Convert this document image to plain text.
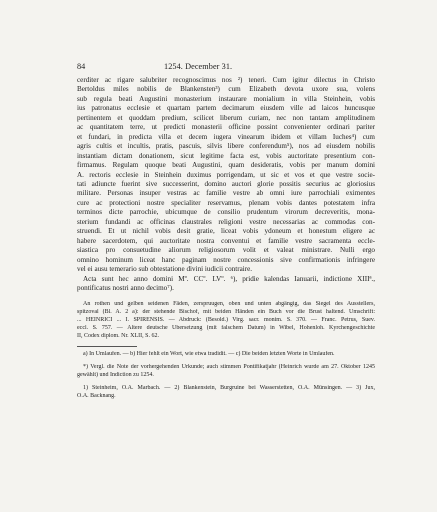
84	1254. December 31.

cerditer ac rigare salubriter recognoscimus nos ²) teneri. Cum igitur dilectus in Christo

Bertoldus miles nobilis de Blankensten³) cum Elizabeth devota uxore sua, volens

sub regula beati Augustini monasterium instaurare monialium in villa Steinhein, vobis

ius patronatus ecclesie et quartam partem decimarum eiusdem ville ad laicos huncusque

pertinentem et quoddam predium, scilicet liberum curiam, nec non tantam amplitudinem

ac quantitatem terre, ut predicti monasterii officine possint convenienter ordinari pariter

et fundari, in predicta villa et decem iugera vinearum ibidem et villam Iuches⁴) cum

agris cultis et incultis, pratis, pascuis, silvis libere conferendum⁵), nos ad eiusdem nobilis

instantiam dictam donationem, sicut legitime facta est, vobis auctoritate presentium con-

firmamus. Regulam quoque beati Augustini, quam desideratis, vobis per manum domini

A. rectoris ecclesie in Steinhein duximus porrigendam, ut sic et vos et que vestre socie-

tati adiuncte fuerint sive successerint, domino auctori glorie possitis securius ac gloriosius

militare. Personas insuper vestras ac familie vestre ab omni iure parrochiali eximentes

cure ac protectioni nostre specialiter reservamus, plenam vobis dantes potestatem infra

terminos dicte parrochie, ubicumque de consilio prudentum virorum decreveritis, mona-

sterium fundandi ac officinas claustrales religioni vestre necessarias ac commodas con-

struendi. Et ut nichil vobis desit gratie, liceat vobis ydoneum et honestum eligere ac

habere sacerdotem, qui auctoritate nostra conventui et familie vestre sacramenta eccle-

siastica pro consuetudine aliorum religiosorum volit et valeat ministrare. Nulli ergo

omnino hominum liceat hanc paginam nostre concessionis sive confirmationis infringere

vel ei ausu temerario sub obtestatione divini iudicii contraire.

Acta sunt hec anno domini Mº. CCº. LVº. ⁶), pridie kalendas Ianuarii, indictione XIIIª.,

pontificatus nostri anno decimo⁷).

An rothen und gelben seidenen Fäden, zerspruugen, oben und unten abgängig, das Siegel des Ausstellers,

spitzoval (Bl. A. 2 a): der stehende Bischof, mit beiden Händen ein Buch vor die Brust haltend. Umschrift:

... HEINRICI ... I. SPIRENSIS. — Abdruck: (Besold.) Virg. sacr. monim. S. 370. — Franc. Petrus, Suev.

eccl. S. 757. — Ältere deutsche Übersetzung (mit falschem Datum) in Wibel, Hohenloh. Kyrchengeschichte

II, Codex diplom. Nr. XLII, S. 62.

a) In Umlaufen. — b) Hier fehlt ein Wort, wie etwa tradidit. — c) Die beiden letzten Worte in Umlaufen.

*) Vergl. die Note der vorhergehenden Urkunde; auch stimmen Pontifikatjahr (Heinrich wurde am 27. Oktober 1245

gewählt) und Indiction zu 1254.

1) Steinheim, O.A. Marbach. — 2) Blankenstein, Burgruine bei Wasserstetten, O.A. Münsingen. — 3) Jux,

O.A. Backnang.
